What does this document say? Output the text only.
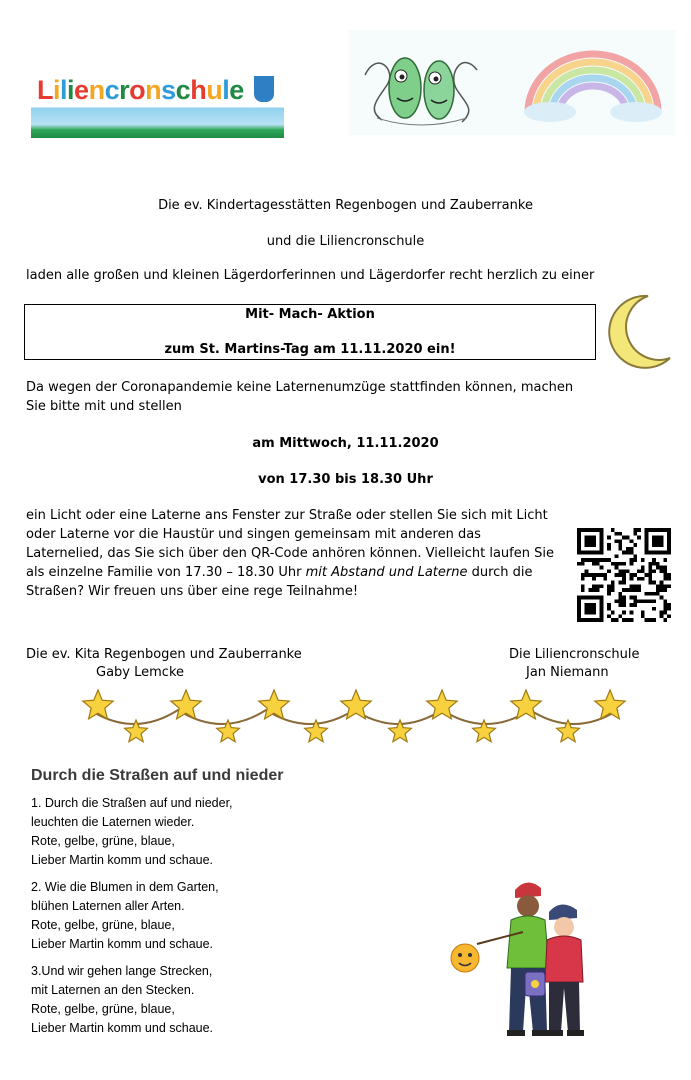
Liliencronschule
Die ev. Kindertagesstätten Regenbogen und Zauberranke
und die Liliencronschule
laden alle großen und kleinen Lägerdorferinnen und Lägerdorfer recht herzlich zu einer
Mit- Mach- Aktion
zum St. Martins-Tag am 11.11.2020 ein!
Da wegen der Coronapandemie keine Laternenumzüge stattfinden können, machen Sie bitte mit und stellen
am Mittwoch, 11.11.2020
von 17.30 bis 18.30 Uhr
ein Licht oder eine Laterne ans Fenster zur Straße oder stellen Sie sich mit Licht oder Laterne vor die Haustür und singen gemeinsam mit anderen das Laternelied, das Sie sich über den QR-Code anhören können. Vielleicht laufen Sie als einzelne Familie von 17.30 – 18.30 Uhr mit Abstand und Laterne durch die Straßen? Wir freuen uns über eine rege Teilnahme!
Die ev. Kita Regenbogen und Zauberranke
Gaby Lemcke
Die Liliencronschule
Jan Niemann
Durch die Straßen auf und nieder
1. Durch die Straßen auf und nieder,
leuchten die Laternen wieder.
Rote, gelbe, grüne, blaue,
Lieber Martin komm und schaue.
2. Wie die Blumen in dem Garten,
blühen Laternen aller Arten.
Rote, gelbe, grüne, blaue,
Lieber Martin komm und schaue.
3.Und wir gehen lange Strecken,
mit Laternen an den Stecken.
Rote, gelbe, grüne, blaue,
Lieber Martin komm und schaue.
